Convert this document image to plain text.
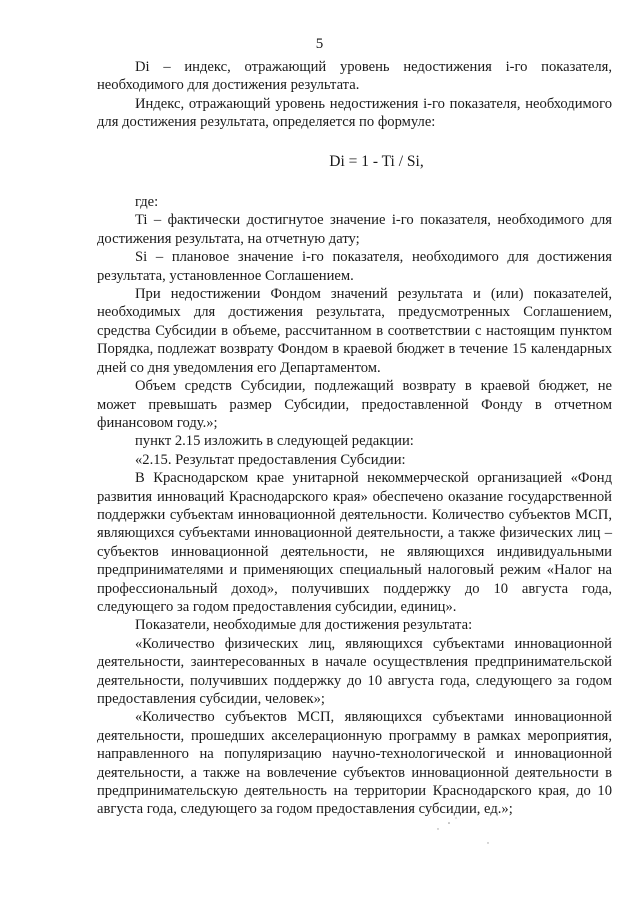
5

Di – индекс, отражающий уровень недостижения i-го показателя, необходимого для достижения результата.

Индекс, отражающий уровень недостижения i-го показателя, необходимого для достижения результата, определяется по формуле:

Di = 1 - Ti / Si,

где:

Ti – фактически достигнутое значение i-го показателя, необходимого для достижения результата, на отчетную дату;

Si – плановое значение i-го показателя, необходимого для достижения результата, установленное Соглашением.

При недостижении Фондом значений результата и (или) показателей, необходимых для достижения результата, предусмотренных Соглашением, средства Субсидии в объеме, рассчитанном в соответствии с настоящим пунктом Порядка, подлежат возврату Фондом в краевой бюджет в течение 15 календарных дней со дня уведомления его Департаментом.

Объем средств Субсидии, подлежащий возврату в краевой бюджет, не может превышать размер Субсидии, предоставленной Фонду в отчетном финансовом году.»;

пункт 2.15 изложить в следующей редакции:

«2.15. Результат предоставления Субсидии:

В Краснодарском крае унитарной некоммерческой организацией «Фонд развития инноваций Краснодарского края» обеспечено оказание государственной поддержки субъектам инновационной деятельности. Количество субъектов МСП, являющихся субъектами инновационной деятельности, а также физических лиц – субъектов инновационной деятельности, не являющихся индивидуальными предпринимателями и применяющих специальный налоговый режим «Налог на профессиональный доход», получивших поддержку до 10 августа года, следующего за годом предоставления субсидии, единиц».

Показатели, необходимые для достижения результата:

«Количество физических лиц, являющихся субъектами инновационной деятельности, заинтересованных в начале осуществления предпринимательской деятельности, получивших поддержку до 10 августа года, следующего за годом предоставления субсидии, человек»;

«Количество субъектов МСП, являющихся субъектами инновационной деятельности, прошедших акселерационную программу в рамках мероприятия, направленного на популяризацию научно-технологической и инновационной деятельности, а также на вовлечение субъектов инновационной деятельности в предпринимательскую деятельность на территории Краснодарского края, до 10 августа года, следующего за годом предоставления субсидии, ед.»;
